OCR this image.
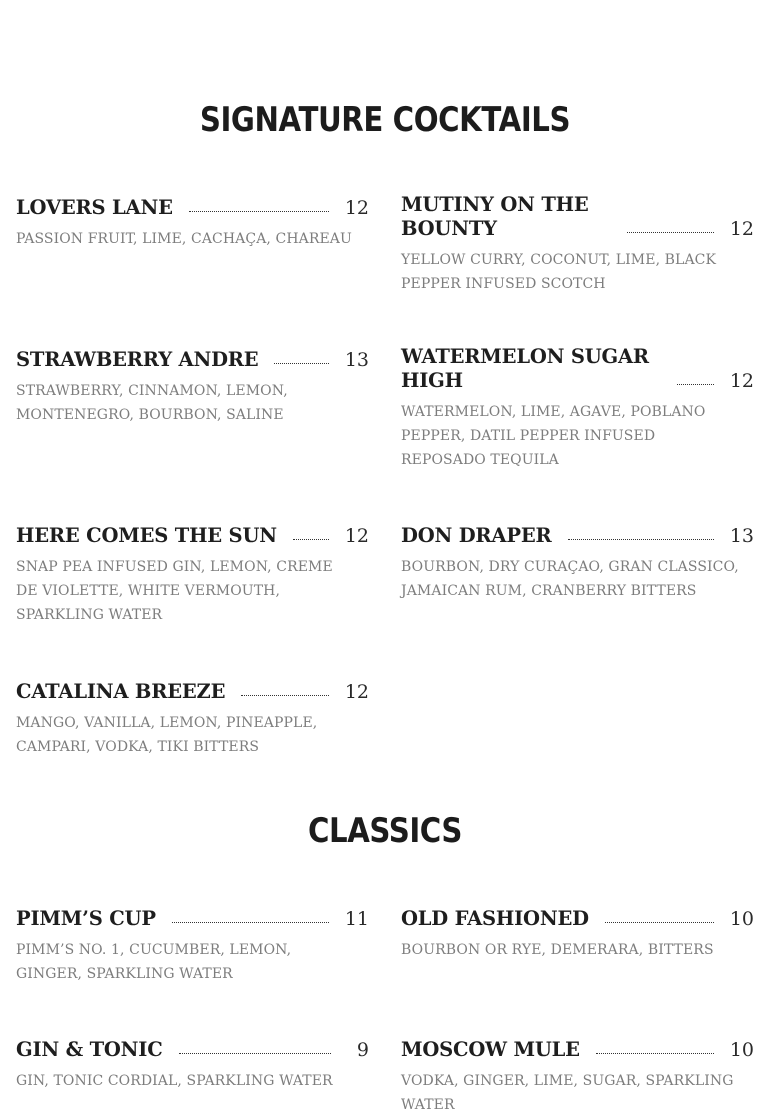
SIGNATURE COCKTAILS
LOVERS LANE	12
PASSION FRUIT, LIME, CACHAÇA, CHAREAU
MUTINY ON THE BOUNTY	12
YELLOW CURRY, COCONUT, LIME, BLACK PEPPER INFUSED SCOTCH
STRAWBERRY ANDRE	13
STRAWBERRY, CINNAMON, LEMON, MONTENEGRO, BOURBON, SALINE
WATERMELON SUGAR HIGH	12
WATERMELON, LIME, AGAVE, POBLANO PEPPER, DATIL PEPPER INFUSED REPOSADO TEQUILA
HERE COMES THE SUN	12
SNAP PEA INFUSED GIN, LEMON, CREME DE VIOLETTE, WHITE VERMOUTH, SPARKLING WATER
DON DRAPER	13
BOURBON, DRY CURAÇAO, GRAN CLASSICO, JAMAICAN RUM, CRANBERRY BITTERS
CATALINA BREEZE	12
MANGO, VANILLA, LEMON, PINEAPPLE, CAMPARI, VODKA, TIKI BITTERS
CLASSICS
PIMM’S CUP	11
PIMM’S NO. 1, CUCUMBER, LEMON, GINGER, SPARKLING WATER
OLD FASHIONED	10
BOURBON OR RYE, DEMERARA, BITTERS
GIN & TONIC	9
GIN, TONIC CORDIAL, SPARKLING WATER
MOSCOW MULE	10
VODKA, GINGER, LIME, SUGAR, SPARKLING WATER
